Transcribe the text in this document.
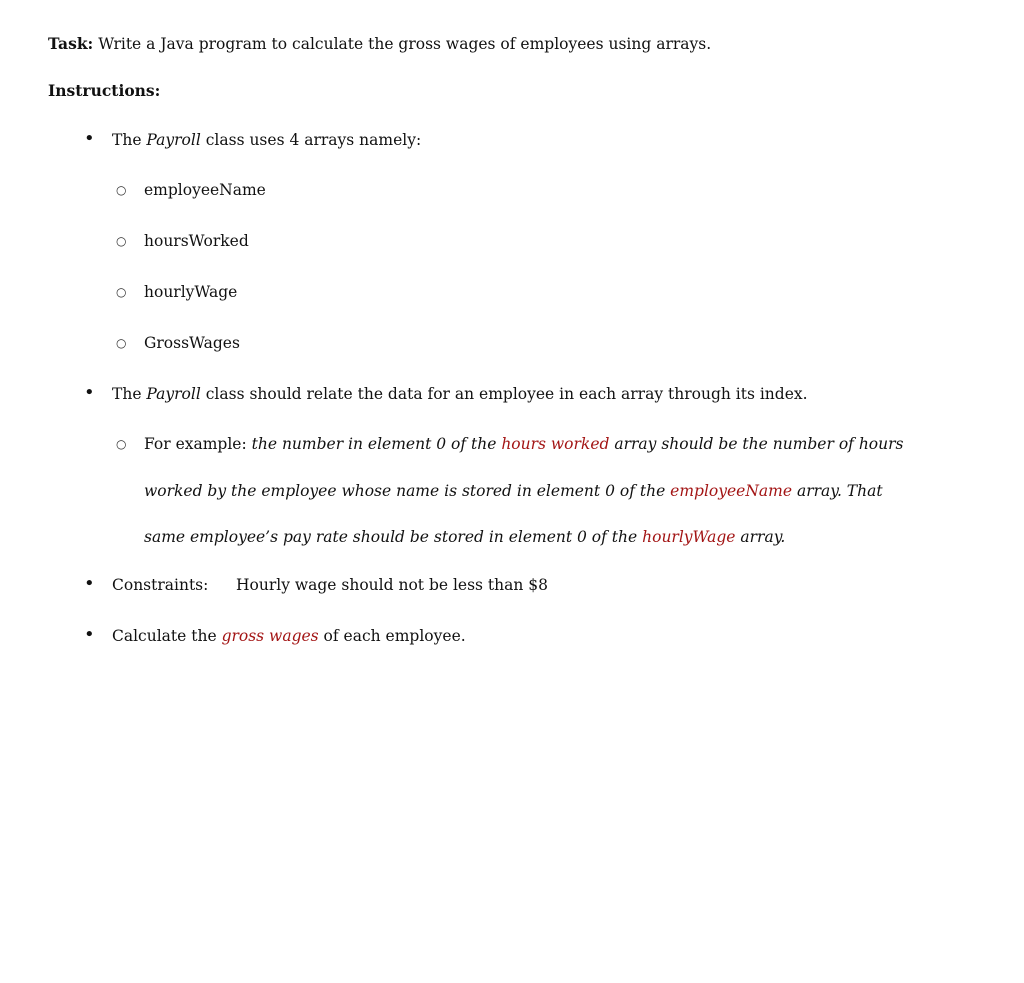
Task: Write a Java program to calculate the gross wages of employees using arrays.
Instructions:
• The Payroll class uses 4 arrays namely:
○ employeeName
○ hoursWorked
○ hourlyWage
○ GrossWages
• The Payroll class should relate the data for an employee in each array through its index.
○ For example: the number in element 0 of the hours worked array should be the number of hours
worked by the employee whose name is stored in element 0 of the employeeName array. That
same employee’s pay rate should be stored in element 0 of the hourlyWage array.
• Constraints: Hourly wage should not be less than $8
• Calculate the gross wages of each employee.
